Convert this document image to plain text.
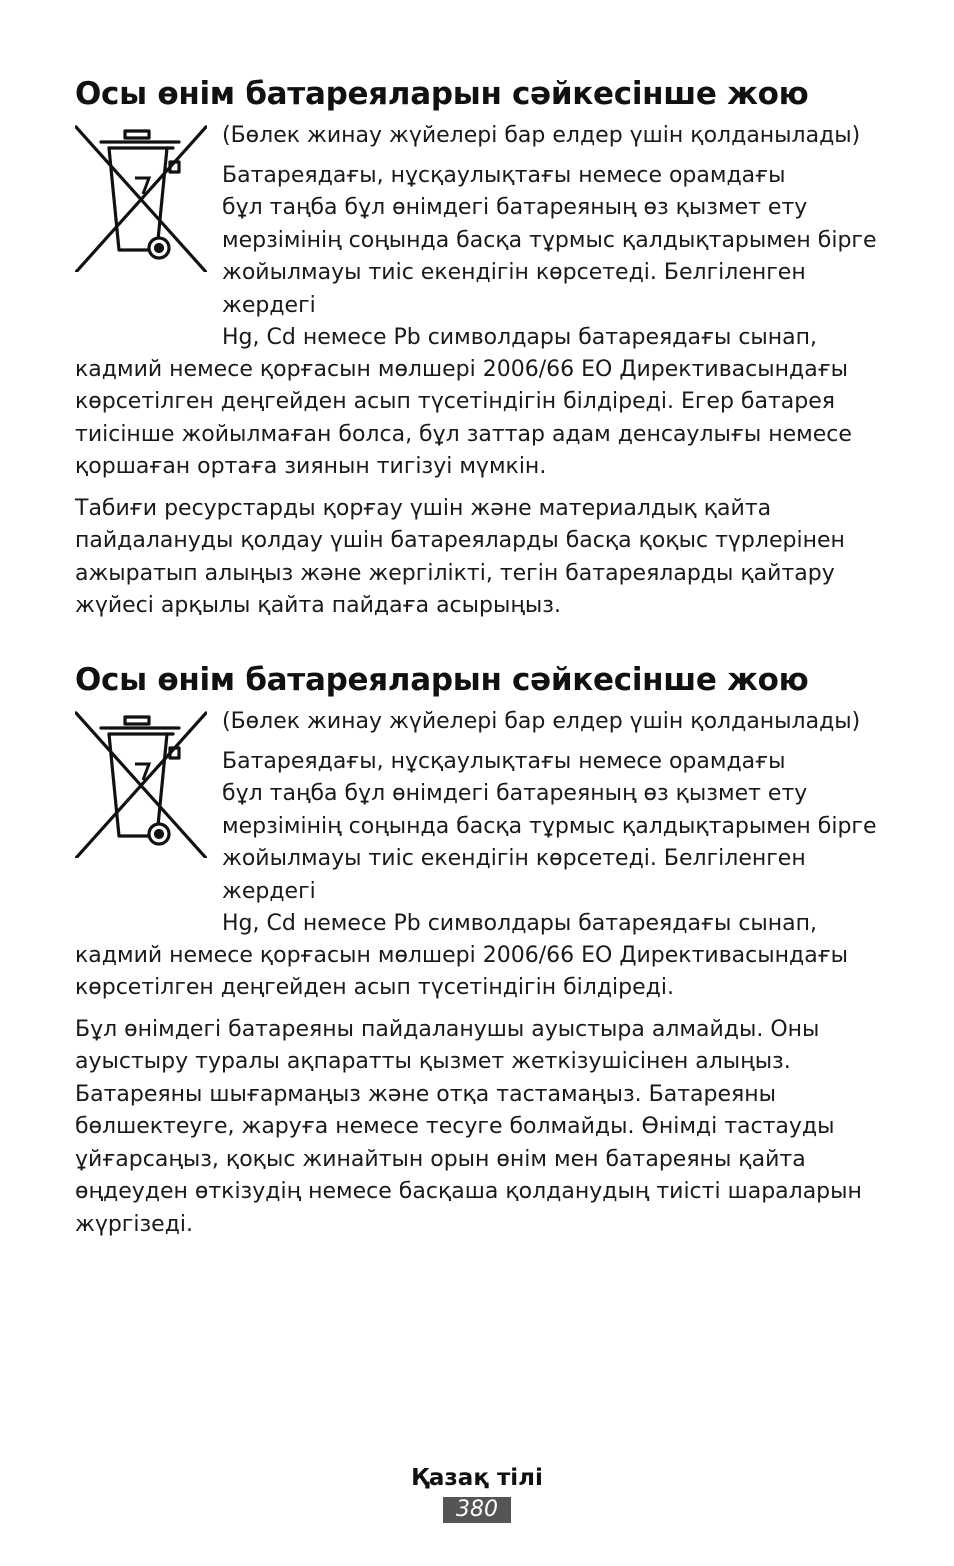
Осы өнім батареяларын сәйкесінше жою

(Бөлек жинау жүйелері бар елдер үшін қолданылады)

Батареядағы, нұсқаулықтағы немесе орамдағы

бұл таңба бұл өнімдегі батареяның өз қызмет ету

мерзімінің соңында басқа тұрмыс қалдықтарымен бірге

жойылмауы тиіс екендігін көрсетеді. Белгіленген жердегі

Hg, Cd немесе Pb символдары батареядағы сынап,

кадмий немесе қорғасын мөлшері 2006/66 ЕО Директивасындағы
көрсетілген деңгейден асып түсетіндігін білдіреді. Егер батарея
тиісінше жойылмаған болса, бұл заттар адам денсаулығы немесе
қоршаған ортаға зиянын тигізуі мүмкін.
Табиғи ресурстарды қорғау үшін және материалдық қайта
пайдалануды қолдау үшін батареяларды басқа қоқыс түрлерінен
ажыратып алыңыз және жергілікті, тегін батареяларды қайтару
жүйесі арқылы қайта пайдаға асырыңыз.
Осы өнім батареяларын сәйкесінше жою

(Бөлек жинау жүйелері бар елдер үшін қолданылады)

Батареядағы, нұсқаулықтағы немесе орамдағы

бұл таңба бұл өнімдегі батареяның өз қызмет ету

мерзімінің соңында басқа тұрмыс қалдықтарымен бірге

жойылмауы тиіс екендігін көрсетеді. Белгіленген жердегі

Hg, Cd немесе Pb символдары батареядағы сынап,

кадмий немесе қорғасын мөлшері 2006/66 ЕО Директивасындағы
көрсетілген деңгейден асып түсетіндігін білдіреді.
Бұл өнімдегі батареяны пайдаланушы ауыстыра алмайды. Оны
ауыстыру туралы ақпаратты қызмет жеткізушісінен алыңыз.
Батареяны шығармаңыз және отқа тастамаңыз. Батареяны
бөлшектеуге, жаруға немесе тесуге болмайды. Өнімді тастауды
ұйғарсаңыз, қоқыс жинайтын орын өнім мен батареяны қайта
өңдеуден өткізудің немесе басқаша қолданудың тиісті шараларын
жүргізеді.
Қазақ тілі
380
